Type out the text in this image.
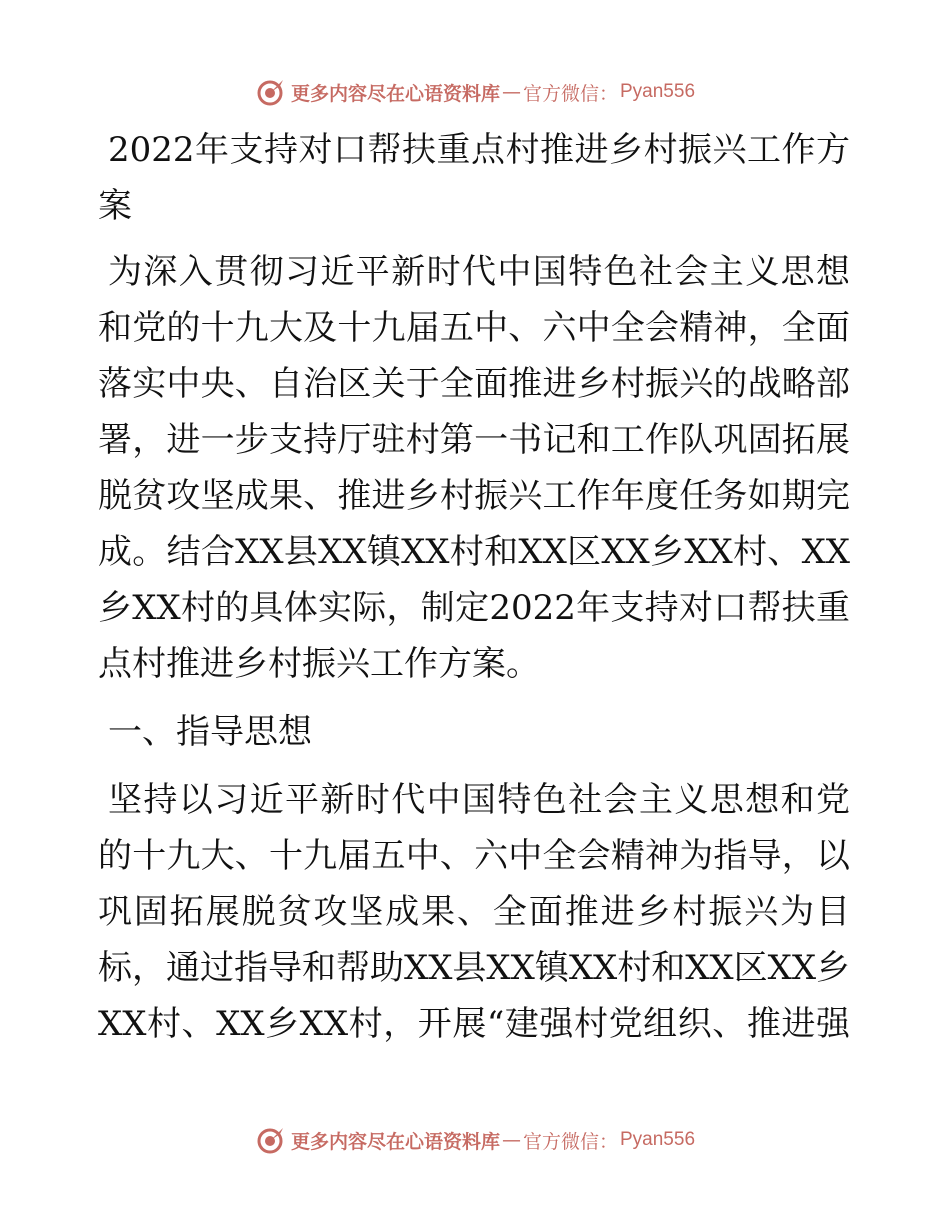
更多内容尽在心语资料库 — 官方微信： Pyan556
2022年支持对口帮扶重点村推进乡村振兴工作方
案
为深入贯彻习近平新时代中国特色社会主义思想
和党的十九大及十九届五中、六中全会精神，全面
落实中央、自治区关于全面推进乡村振兴的战略部
署，进一步支持厅驻村第一书记和工作队巩固拓展
脱贫攻坚成果、推进乡村振兴工作年度任务如期完
成。结合XX县XX镇XX村和XX区XX乡XX村、XX
乡XX村的具体实际，制定2022年支持对口帮扶重
点村推进乡村振兴工作方案。
一、指导思想
坚持以习近平新时代中国特色社会主义思想和党
的十九大、十九届五中、六中全会精神为指导，以
巩固拓展脱贫攻坚成果、全面推进乡村振兴为目
标，通过指导和帮助XX县XX镇XX村和XX区XX乡
XX村、XX乡XX村，开展“建强村党组织、推进强
更多内容尽在心语资料库 — 官方微信： Pyan556
